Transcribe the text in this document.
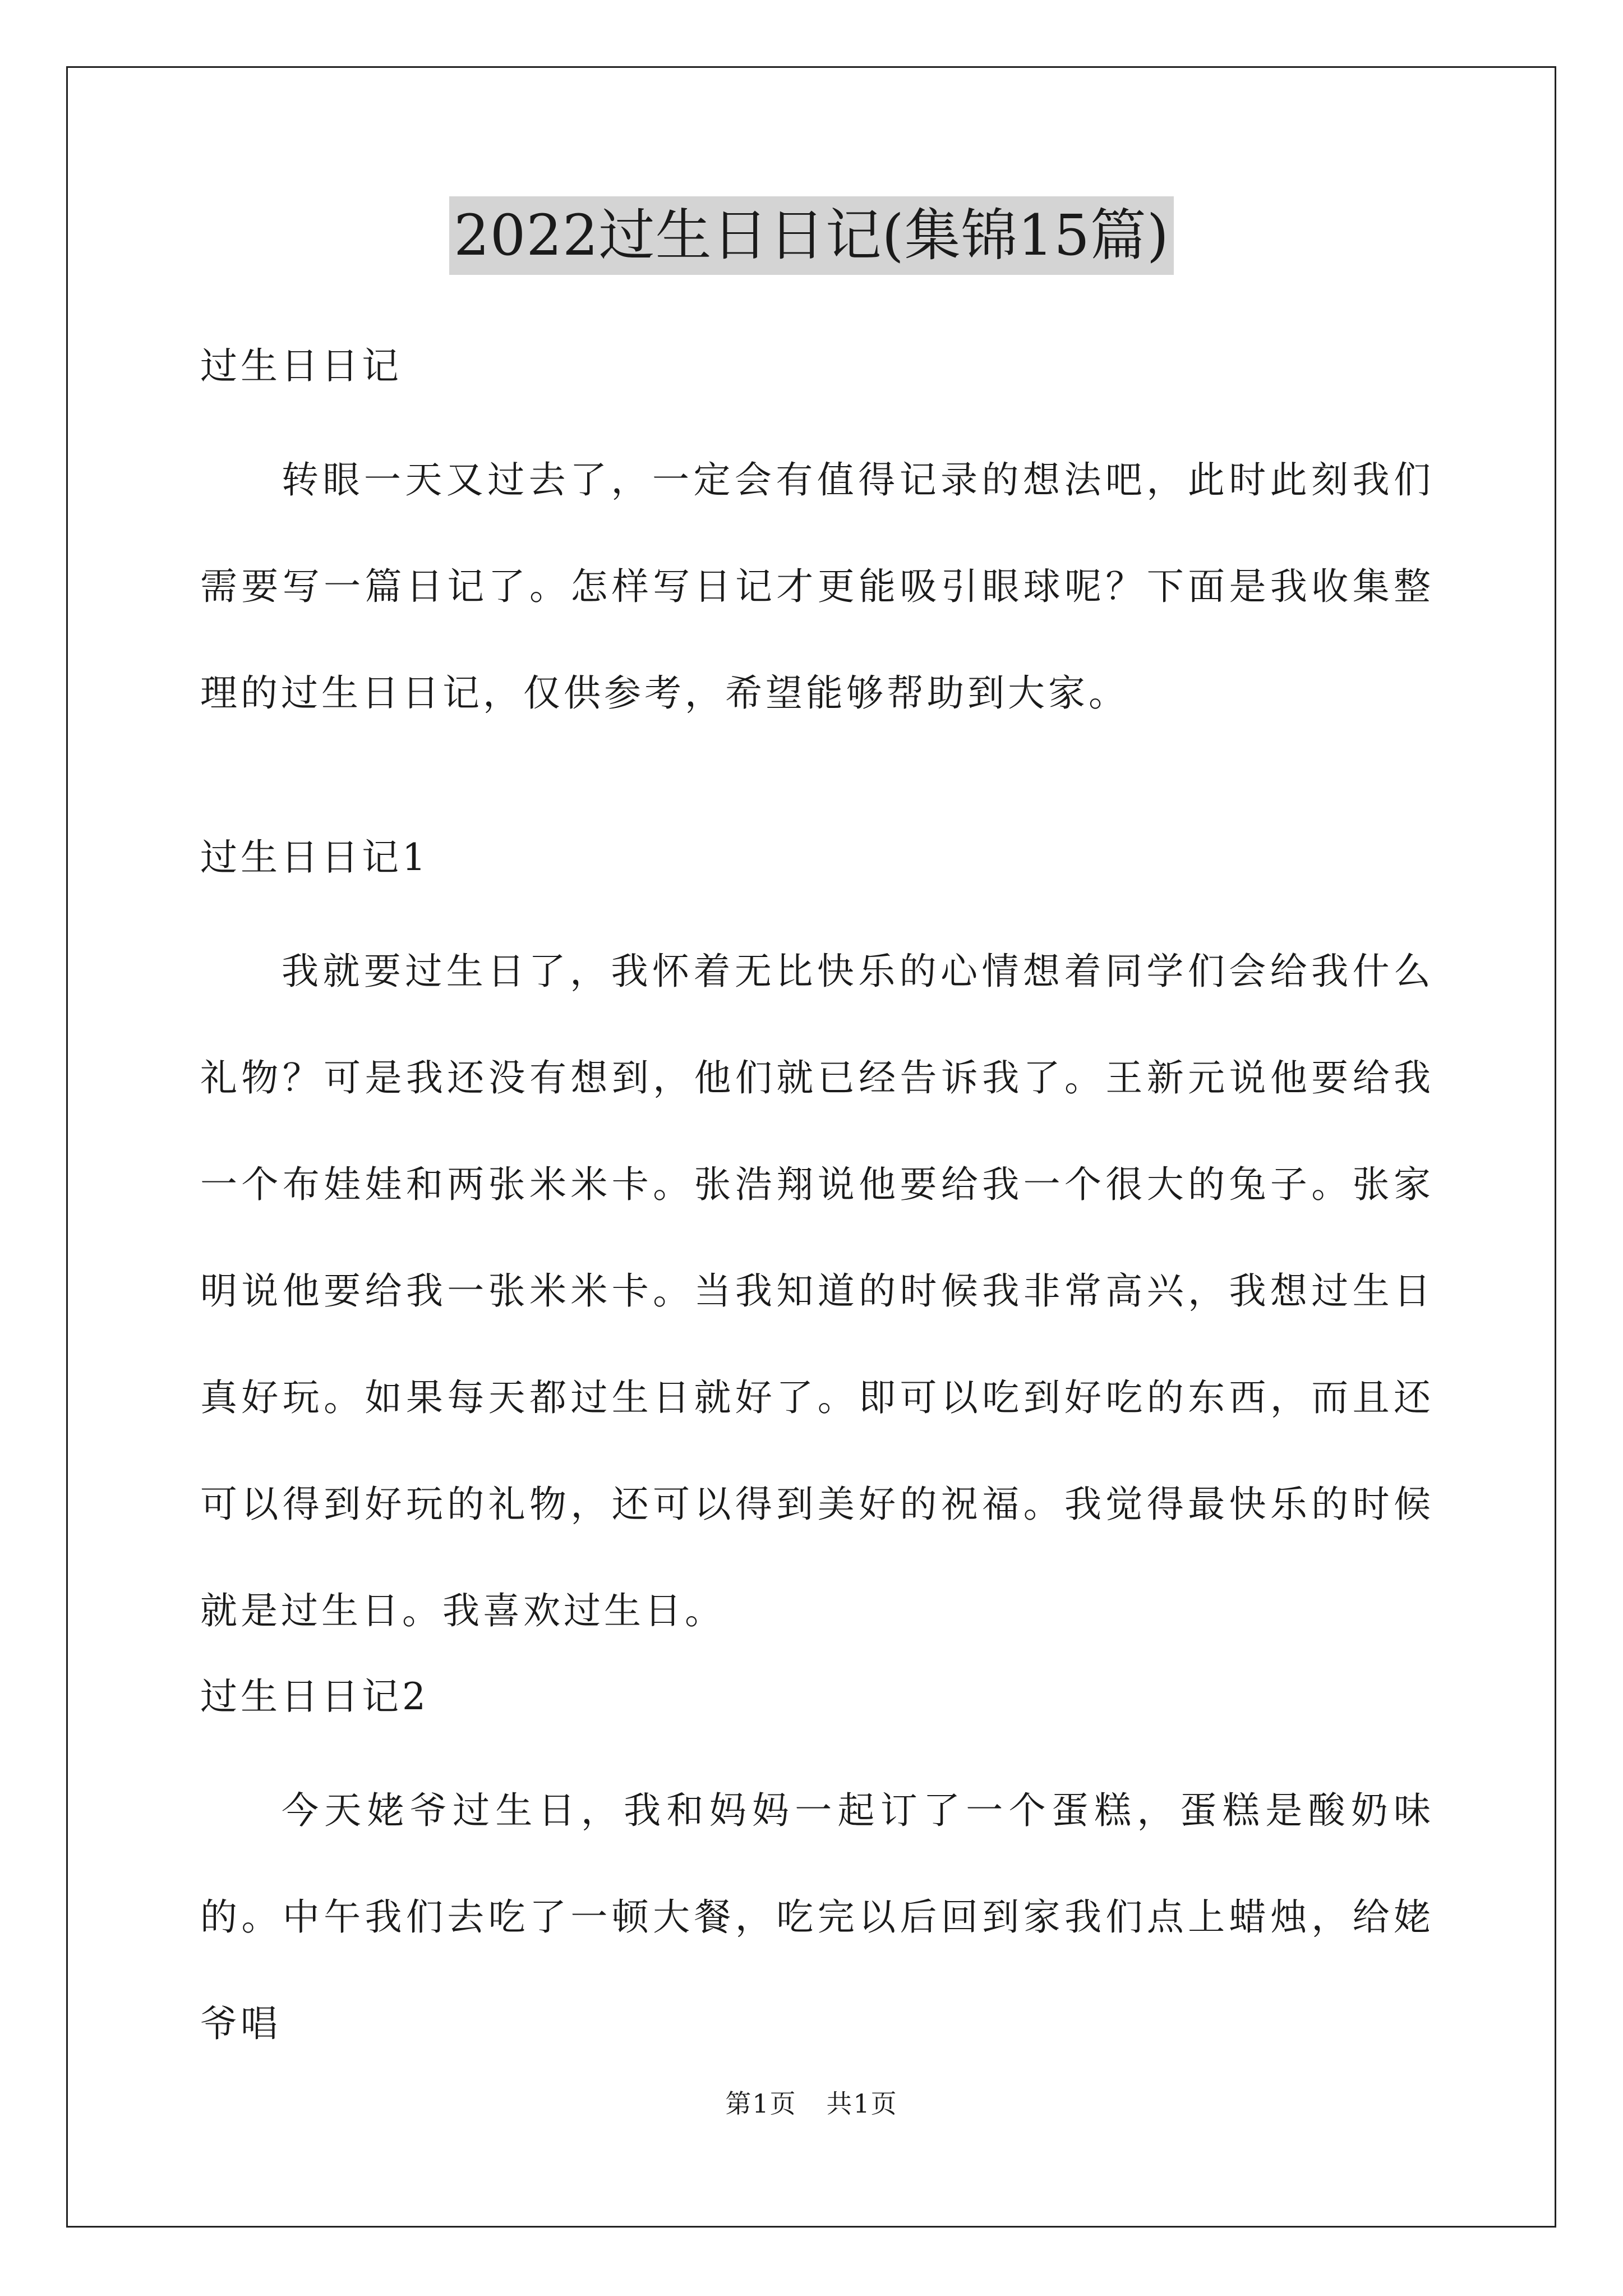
2022过生日日记(集锦15篇)

过生日日记

转眼一天又过去了，一定会有值得记录的想法吧，此时此刻我们需要写一篇日记了。怎样写日记才更能吸引眼球呢？下面是我收集整理的过生日日记，仅供参考，希望能够帮助到大家。

过生日日记1

我就要过生日了，我怀着无比快乐的心情想着同学们会给我什么礼物？可是我还没有想到，他们就已经告诉我了。王新元说他要给我一个布娃娃和两张米米卡。张浩翔说他要给我一个很大的兔子。张家明说他要给我一张米米卡。当我知道的时候我非常高兴，我想过生日真好玩。如果每天都过生日就好了。即可以吃到好吃的东西，而且还可以得到好玩的礼物，还可以得到美好的祝福。我觉得最快乐的时候就是过生日。我喜欢过生日。

过生日日记2

今天姥爷过生日，我和妈妈一起订了一个蛋糕，蛋糕是酸奶味的。中午我们去吃了一顿大餐，吃完以后回到家我们点上蜡烛，给姥爷唱

第1页 共1页
